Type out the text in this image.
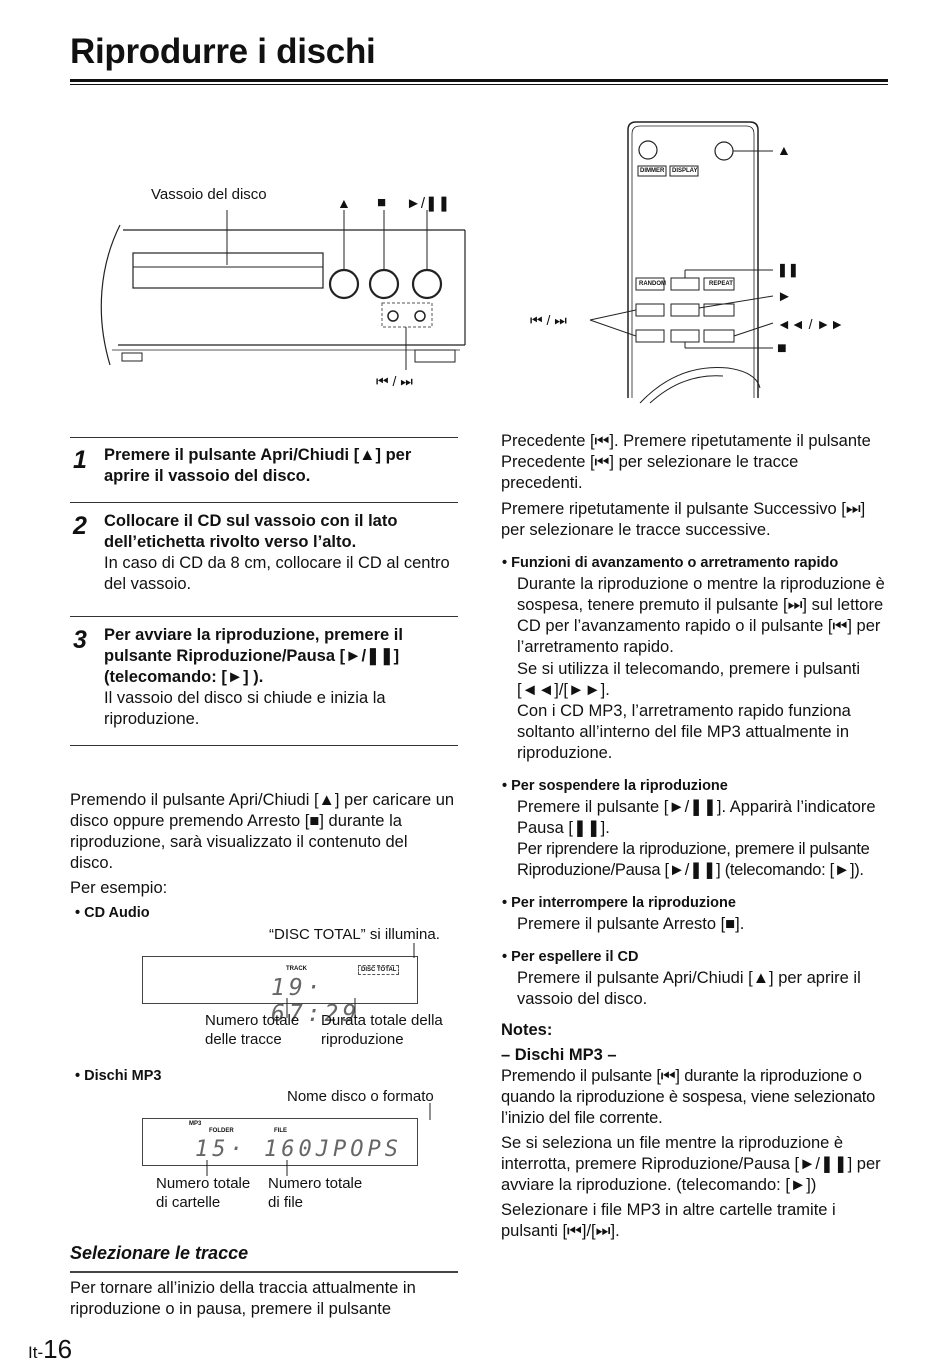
Riprodurre i dischi
Vassoio del disco	▲ ■ ►/❚❚
⏮ / ⏭
DIMMER DISPLAY
RANDOM	REPEAT
▲
❚❚
►
◄◄ / ►►
■
⏮ / ⏭
1 Premere il pulsante Apri/Chiudi [▲] per aprire il vassoio del disco.
2 Collocare il CD sul vassoio con il lato dell’etichetta rivolto verso l’alto.
In caso di CD da 8 cm, collocare il CD al centro del vassoio.
3 Per avviare la riproduzione, premere il pulsante Riproduzione/Pausa [►/❚❚] (telecomando: [►] ).
Il vassoio del disco si chiude e inizia la riproduzione.
Premendo il pulsante Apri/Chiudi [▲] per caricare un disco oppure premendo Arresto [■] durante la riproduzione, sarà visualizzato il contenuto del disco.
Per esempio:
• CD Audio
“DISC TOTAL” si illumina.
TRACK	DISC TOTAL
19· 67:29
Numero totale delle tracce
Durata totale della riproduzione
• Dischi MP3
Nome disco o formato
MP3
FOLDER	FILE
15· 160JPOPS
Numero totale di cartelle
Numero totale di file
Selezionare le tracce
Per tornare all’inizio della traccia attualmente in riproduzione o in pausa, premere il pulsante
Precedente [⏮]. Premere ripetutamente il pulsante Precedente [⏮] per selezionare le tracce precedenti.
Premere ripetutamente il pulsante Successivo [⏭] per selezionare le tracce successive.
• Funzioni di avanzamento o arretramento rapido
Durante la riproduzione o mentre la riproduzione è sospesa, tenere premuto il pulsante [⏭] sul lettore CD per l’avanzamento rapido o il pulsante [⏮] per l’arretramento rapido.
Se si utilizza il telecomando, premere i pulsanti [◄◄]/[►►].
Con i CD MP3, l’arretramento rapido funziona soltanto all’interno del file MP3 attualmente in riproduzione.
• Per sospendere la riproduzione
Premere il pulsante [►/❚❚]. Apparirà l’indicatore Pausa [❚❚].
Per riprendere la riproduzione, premere il pulsante Riproduzione/Pausa [►/❚❚] (telecomando: [►]).
• Per interrompere la riproduzione
Premere il pulsante Arresto [■].
• Per espellere il CD
Premere il pulsante Apri/Chiudi [▲] per aprire il vassoio del disco.
Notes:
– Dischi MP3 –
Premendo il pulsante [⏮] durante la riproduzione o quando la riproduzione è sospesa, viene selezionato l’inizio del file corrente.
Se si seleziona un file mentre la riproduzione è interrotta, premere Riproduzione/Pausa [►/❚❚] per avviare la riproduzione. (telecomando: [►])
Selezionare i file MP3 in altre cartelle tramite i pulsanti [⏮]/[⏭].
It-16
